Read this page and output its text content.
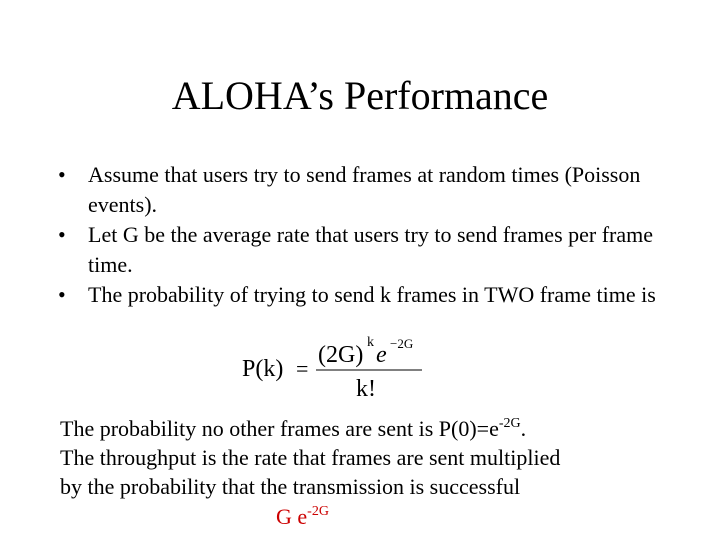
ALOHA’s Performance
•	Assume that users try to send frames at random times (Poisson events).
•	Let G be the average rate that users try to send frames per frame time.
•	The probability of trying to send k frames in TWO frame time is
P(k) =
(2G) k e −2G
k!
The probability no other frames are sent is $P(0)=e^{-2G}$.
The throughput is the rate that frames are sent multiplied
by the probability that the transmission is successful
G $e^{-2G}$
